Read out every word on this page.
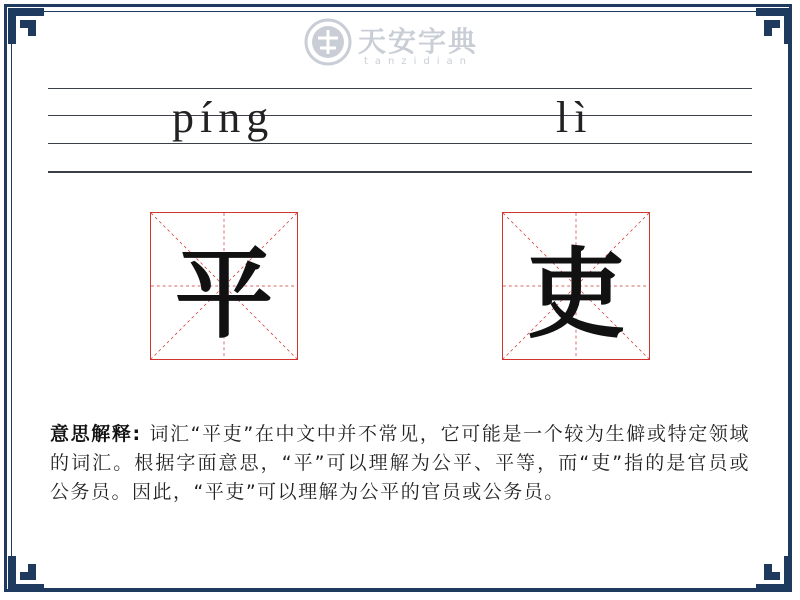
天安字典
tanzidian
píng	lì
平	吏
意思解释: 词汇“平吏”在中文中并不常见，它可能是一个较为生僻或特定领域的词汇。根据字面意思，“平”可以理解为公平、平等，而“吏”指的是官员或公务员。因此，“平吏”可以理解为公平的官员或公务员。
